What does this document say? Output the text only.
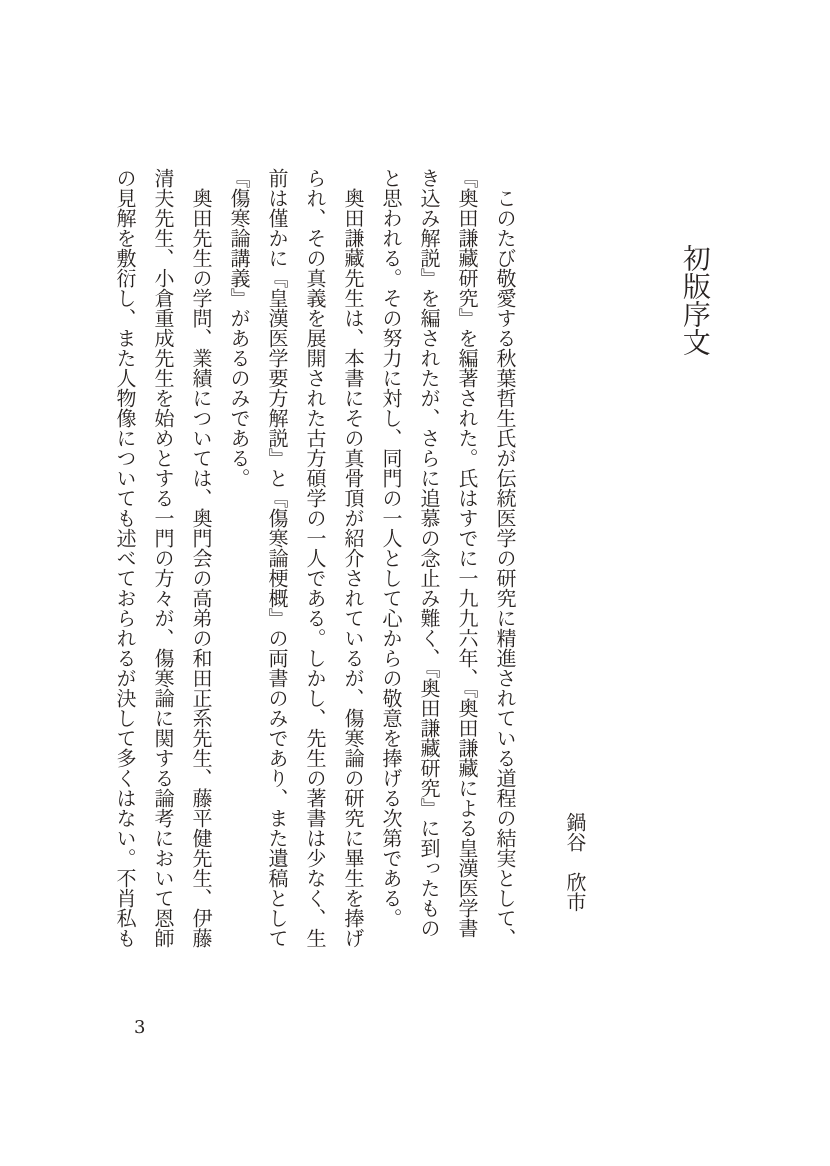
初版序文
鍋谷　欣市

このたび敬愛する秋葉哲生氏が伝統医学の研究に精進されている道程の結実として、『奥田謙藏研究』を編著された。氏はすでに一九九六年、『奥田謙藏による皇漢医学書き込み解説』を編されたが、さらに追慕の念止み難く、『奥田謙藏研究』に到ったものと思われる。その努力に対し、同門の一人として心からの敬意を捧げる次第である。

奥田謙藏先生は、本書にその真骨頂が紹介されているが、傷寒論の研究に畢生を捧げられ、その真義を展開された古方碩学の一人である。しかし、先生の著書は少なく、生前は僅かに『皇漢医学要方解説』と『傷寒論梗概』の両書のみであり、また遺稿として『傷寒論講義』があるのみである。

奥田先生の学問、業績については、奥門会の高弟の和田正系先生、藤平健先生、伊藤清夫先生、小倉重成先生を始めとする一門の方々が、傷寒論に関する論考において恩師の見解を敷衍し、また人物像についても述べておられるが決して多くはない。不肖私も

3
